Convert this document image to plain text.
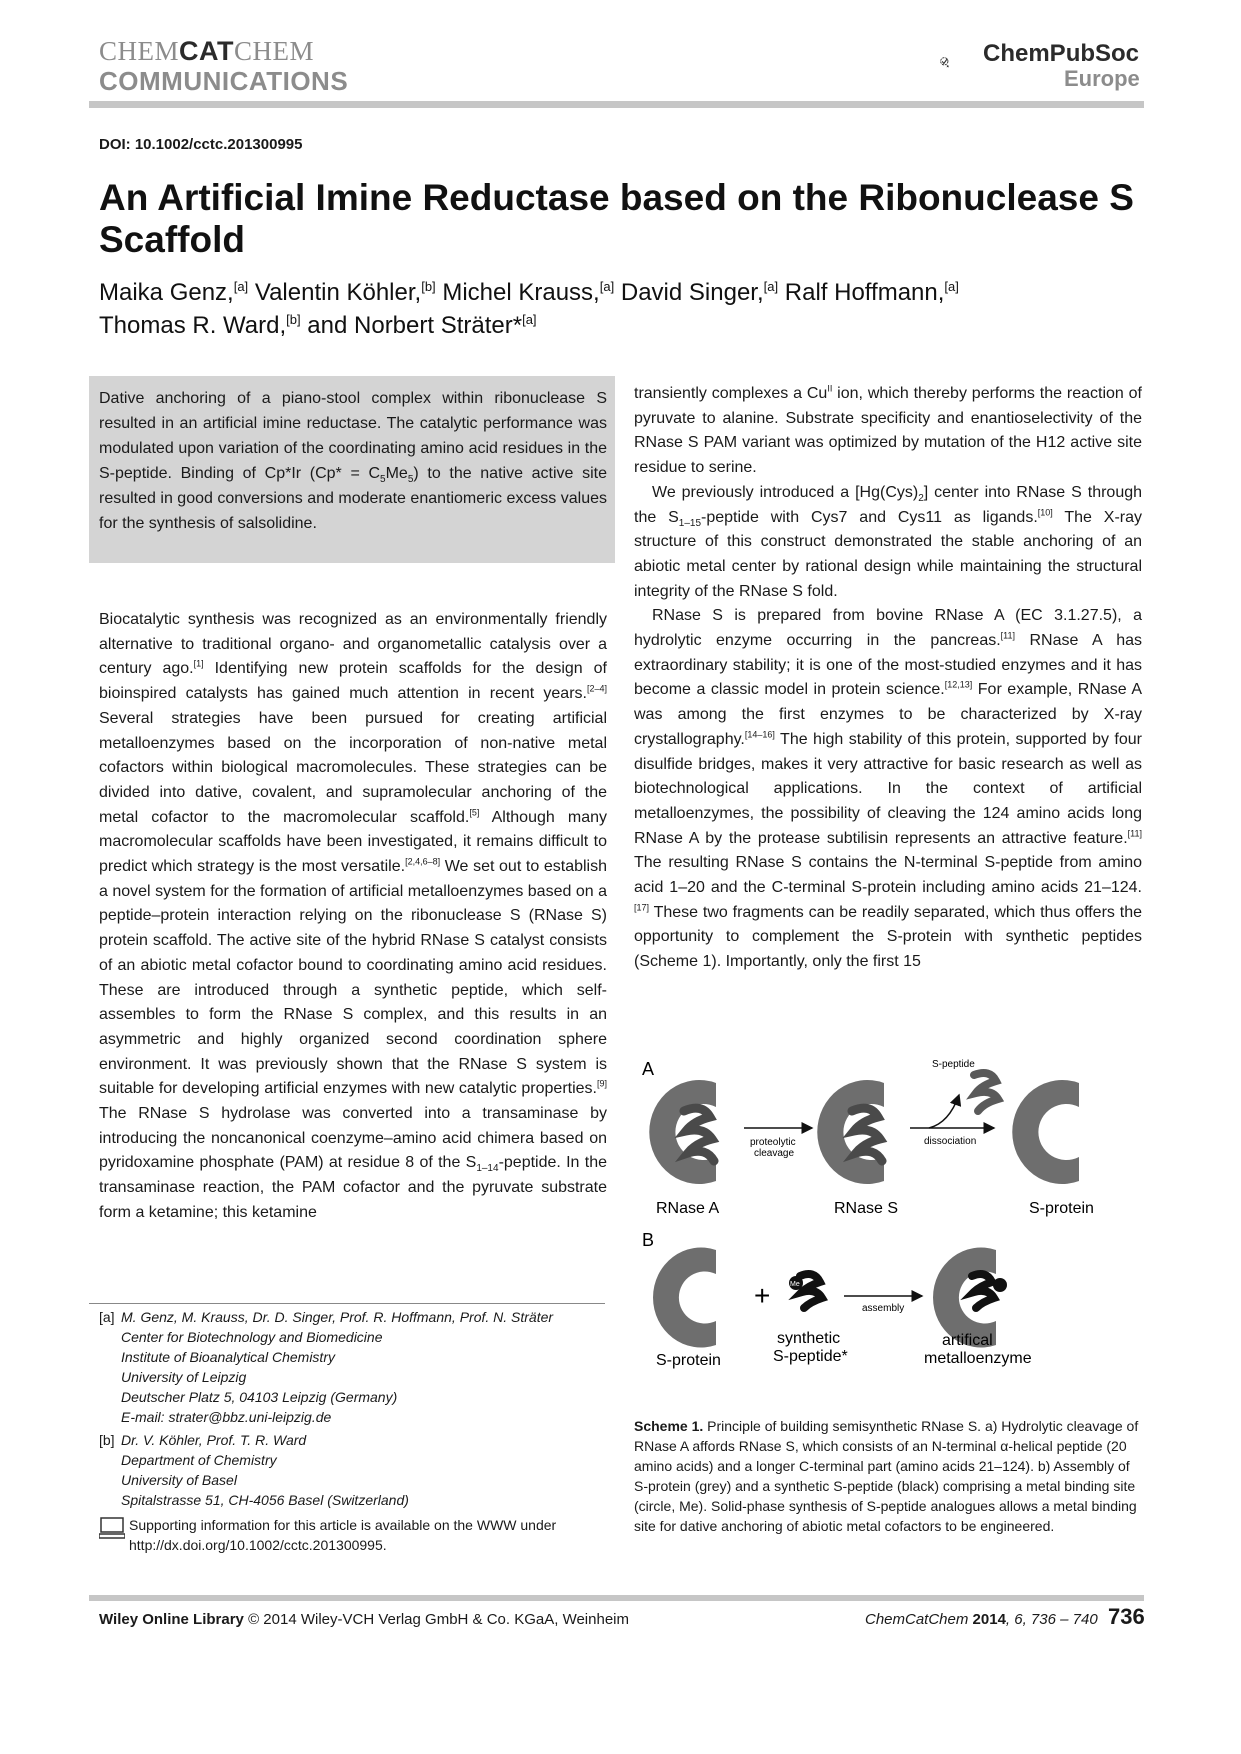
CHEMCATCHEM
COMMUNICATIONS
ChemPubSoc
Europe
DOI: 10.1002/cctc.201300995
An Artificial Imine Reductase based on the Ribonuclease S Scaffold
Maika Genz,[a] Valentin Köhler,[b] Michel Krauss,[a] David Singer,[a] Ralf Hoffmann,[a]
Thomas R. Ward,[b] and Norbert Sträter*[a]
Dative anchoring of a piano-stool complex within ribonuclease S resulted in an artificial imine reductase. The catalytic performance was modulated upon variation of the coordinating amino acid residues in the S-peptide. Binding of Cp*Ir $(Cp* = C_5Me_5)$ to the native active site resulted in good conversions and moderate enantiomeric excess values for the synthesis of salsolidine.

Biocatalytic synthesis was recognized as an environmentally friendly alternative to traditional organo- and organometallic catalysis over a century ago.[1] Identifying new protein scaffolds for the design of bioinspired catalysts has gained much attention in recent years.[2–4] Several strategies have been pursued for creating artificial metalloenzymes based on the incorporation of non-native metal cofactors within biological macromolecules. These strategies can be divided into dative, covalent, and supramolecular anchoring of the metal cofactor to the macromolecular scaffold.[5] Although many macromolecular scaffolds have been investigated, it remains difficult to predict which strategy is the most versatile.[2,4,6–8] We set out to establish a novel system for the formation of artificial metalloenzymes based on a peptide–protein interaction relying on the ribonuclease S (RNase S) protein scaffold. The active site of the hybrid RNase S catalyst consists of an abiotic metal cofactor bound to coordinating amino acid residues. These are introduced through a synthetic peptide, which self-assembles to form the RNase S complex, and this results in an asymmetric and highly organized second coordination sphere environment. It was previously shown that the RNase S system is suitable for developing artificial enzymes with new catalytic properties.[9] The RNase S hydrolase was converted into a transaminase by introducing the noncanonical coenzyme–amino acid chimera based on pyridoxamine phosphate (PAM) at residue 8 of the $S_{1-14}$-peptide. In the transaminase reaction, the PAM cofactor and the pyruvate substrate form a ketamine; this ketamine

transiently complexes a $Cu^{II}$ ion, which thereby performs the reaction of pyruvate to alanine. Substrate specificity and enantioselectivity of the RNase S PAM variant was optimized by mutation of the H12 active site residue to serine.

We previously introduced a $[Hg(Cys)_2]$ center into RNase S through the $S_{1-15}$-peptide with Cys7 and Cys11 as ligands.[10] The X-ray structure of this construct demonstrated the stable anchoring of an abiotic metal center by rational design while maintaining the structural integrity of the RNase S fold.

RNase S is prepared from bovine RNase A (EC 3.1.27.5), a hydrolytic enzyme occurring in the pancreas.[11] RNase A has extraordinary stability; it is one of the most-studied enzymes and it has become a classic model in protein science.[12,13] For example, RNase A was among the first enzymes to be characterized by X-ray crystallography.[14–16] The high stability of this protein, supported by four disulfide bridges, makes it very attractive for basic research as well as biotechnological applications. In the context of artificial metalloenzymes, the possibility of cleaving the 124 amino acids long RNase A by the protease subtilisin represents an attractive feature.[11] The resulting RNase S contains the N-terminal S-peptide from amino acid 1–20 and the C-terminal S-protein including amino acids 21–124.[17] These two fragments can be readily separated, which thus offers the opportunity to complement the S-protein with synthetic peptides (Scheme 1). Importantly, only the first 15

A
RNase A
proteolytic
cleavage
RNase S
dissociation
S-peptide
S-protein
B
S-protein
+	Me
synthetic
S-peptide*
assembly
artifical
metalloenzyme
Scheme 1. Principle of building semisynthetic RNase S. a) Hydrolytic cleavage of RNase A affords RNase S, which consists of an N-terminal α-helical peptide (20 amino acids) and a longer C-terminal part (amino acids 21–124). b) Assembly of S-protein (grey) and a synthetic S-peptide (black) comprising a metal binding site (circle, Me). Solid-phase synthesis of S-peptide analogues allows a metal binding site for dative anchoring of abiotic metal cofactors to be engineered.
[a] M. Genz, M. Krauss, Dr. D. Singer, Prof. R. Hoffmann, Prof. N. Sträter
Center for Biotechnology and Biomedicine
Institute of Bioanalytical Chemistry
University of Leipzig
Deutscher Platz 5, 04103 Leipzig (Germany)
E-mail: strater@bbz.uni-leipzig.de
[b] Dr. V. Köhler, Prof. T. R. Ward
Department of Chemistry
University of Basel
Spitalstrasse 51, CH-4056 Basel (Switzerland)
Supporting information for this article is available on the WWW under http://dx.doi.org/10.1002/cctc.201300995.
Wiley Online Library © 2014 Wiley-VCH Verlag GmbH & Co. KGaA, Weinheim	ChemCatChem 2014, 6, 736 – 740 736
